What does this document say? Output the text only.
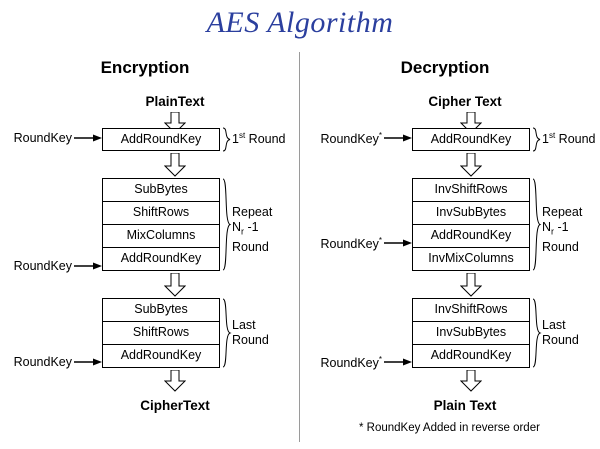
AES Algorithm
Encryption
PlainText
RoundKey	AddRoundKey	1st Round
SubBytes
ShiftRows
MixColumns
AddRoundKey
RoundKey
Repeat
$N_r$ -1
Round
SubBytes
ShiftRows
AddRoundKey
RoundKey
Last
Round
CipherText
Decryption
Cipher Text
RoundKey*	AddRoundKey	1st Round
InvShiftRows
InvSubBytes
AddRoundKey
InvMixColumns
RoundKey*
Repeat
$N_r$ -1
Round
InvShiftRows
InvSubBytes
AddRoundKey
RoundKey*
Last
Round
Plain Text
* RoundKey Added in reverse order
